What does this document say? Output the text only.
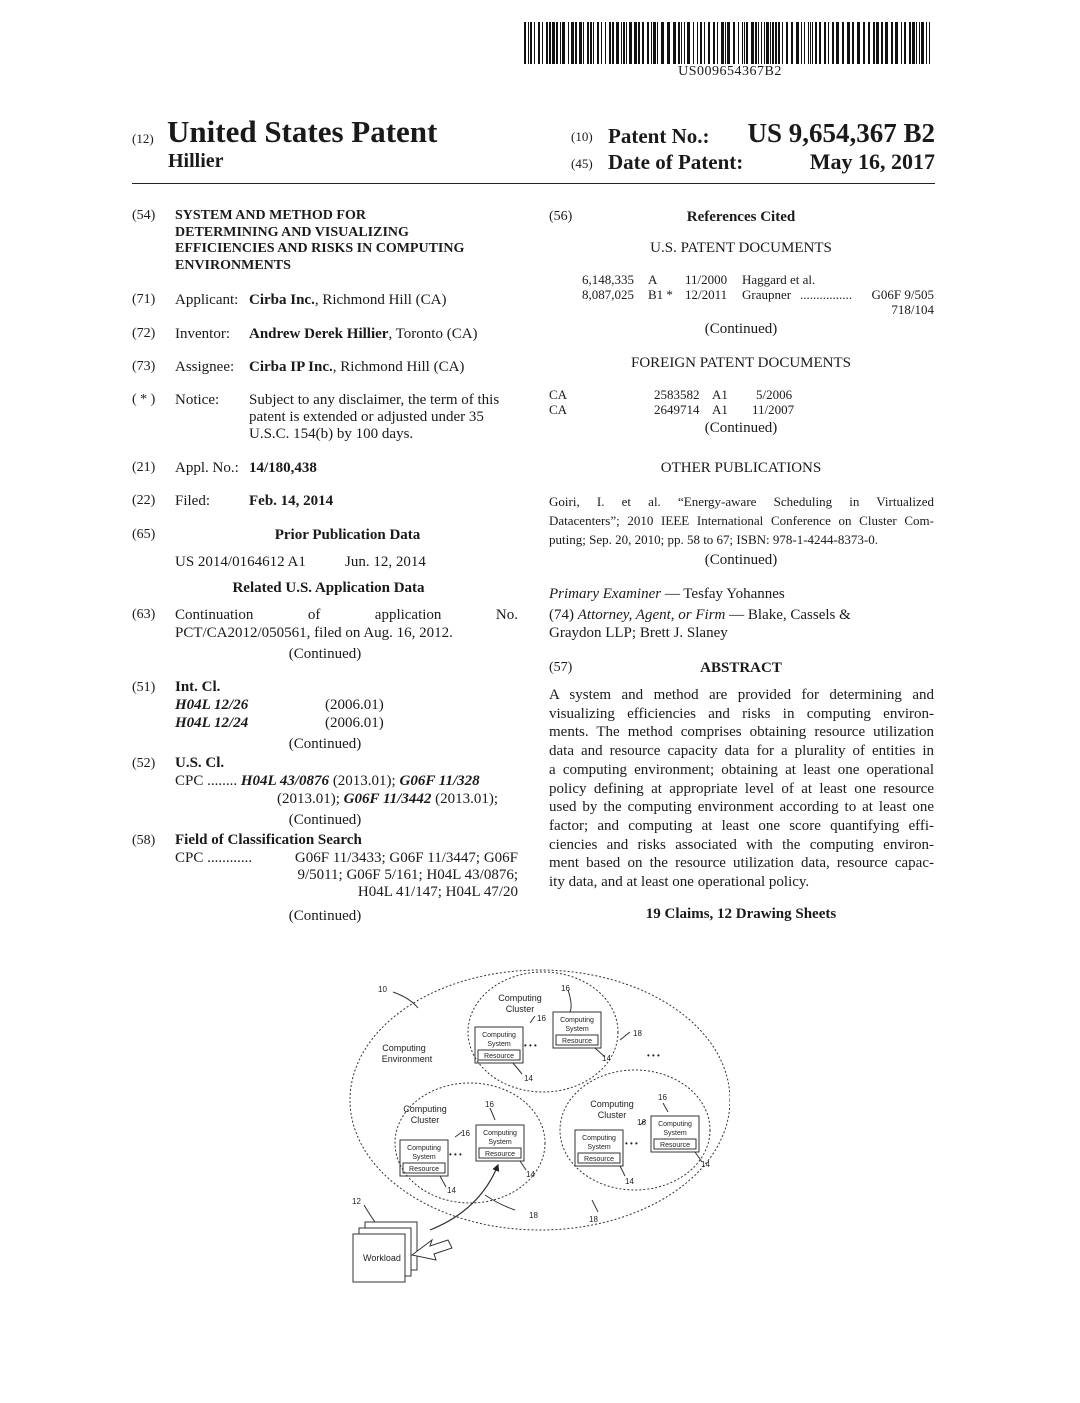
US009654367B2
(12) United States Patent
Hillier
(10) Patent No.: US 9,654,367 B2
(45) Date of Patent:	May 16, 2017
(54) SYSTEM AND METHOD FOR
DETERMINING AND VISUALIZING
EFFICIENCIES AND RISKS IN COMPUTING
ENVIRONMENTS
(71) Applicant: Cirba Inc., Richmond Hill (CA)
(72) Inventor: Andrew Derek Hillier, Toronto (CA)
(73) Assignee: Cirba IP Inc., Richmond Hill (CA)
( * ) Notice: Subject to any disclaimer, the term of this
patent is extended or adjusted under 35
U.S.C. 154(b) by 100 days.
(21) Appl. No.: 14/180,438
(22) Filed:	Feb. 14, 2014
(65)	Prior Publication Data
US 2014/0164612 A1	Jun. 12, 2014
Related U.S. Application Data
(63) Continuation	of	application	No.
PCT/CA2012/050561, filed on Aug. 16, 2012.
(Continued)
(51) Int. Cl.
H04L 12/26	(2006.01)
H04L 12/24	(2006.01)
(Continued)
(52) U.S. Cl.
CPC ........ H04L 43/0876 (2013.01); G06F 11/328
(2013.01); G06F 11/3442 (2013.01);
(Continued)
(58) Field of Classification Search
CPC ............	G06F 11/3433; G06F 11/3447; G06F
9/5011; G06F 5/161; H04L 43/0876;
H04L 41/147; H04L 47/20
(Continued)
(56)	References Cited
U.S. PATENT DOCUMENTS
6,148,335 A 11/2000 Haggard et al.
8,087,025 B1 * 12/2011 Graupner ................ G06F 9/505
718/104
(Continued)
FOREIGN PATENT DOCUMENTS
CA	2583582 A1 5/2006
CA	2649714 A1 11/2007
(Continued)
OTHER PUBLICATIONS
Goiri, I. et al. “Energy-aware Scheduling in Virtualized
Datacenters”; 2010 IEEE International Conference on Cluster Com-
puting; Sep. 20, 2010; pp. 58 to 67; ISBN: 978-1-4244-8373-0.
(Continued)
Primary Examiner — Tesfay Yohannes
(74) Attorney, Agent, or Firm — Blake, Cassels &
Graydon LLP; Brett J. Slaney
(57)	ABSTRACT
A system and method are provided for determining and
visualizing efficiencies and risks in computing environ-
ments. The method comprises obtaining resource utilization
data and resource capacity data for a plurality of entities in
a computing environment; obtaining at least one operational
policy defining at appropriate level of at least one resource
used by the computing environment according to at least one
factor; and computing at least one score quantifying effi-
ciencies and risks associated with the computing environ-
ment based on the resource utilization data, resource capac-
ity data, and at least one operational policy.
19 Claims, 12 Drawing Sheets
Computing
Cluster
Computing
Cluster
Computing
Cluster
Computing
Environment
Computing
System
Resource
Computing
System
Resource
Computing
System
Resource
Computing
System
Resource
Computing
System
Resource
Computing
System
Resource
Workload
• • •
• • •
• • •
• • •
10
12
16
16
18
14
14
16
16
14
14
16
16
14
14
18	18
